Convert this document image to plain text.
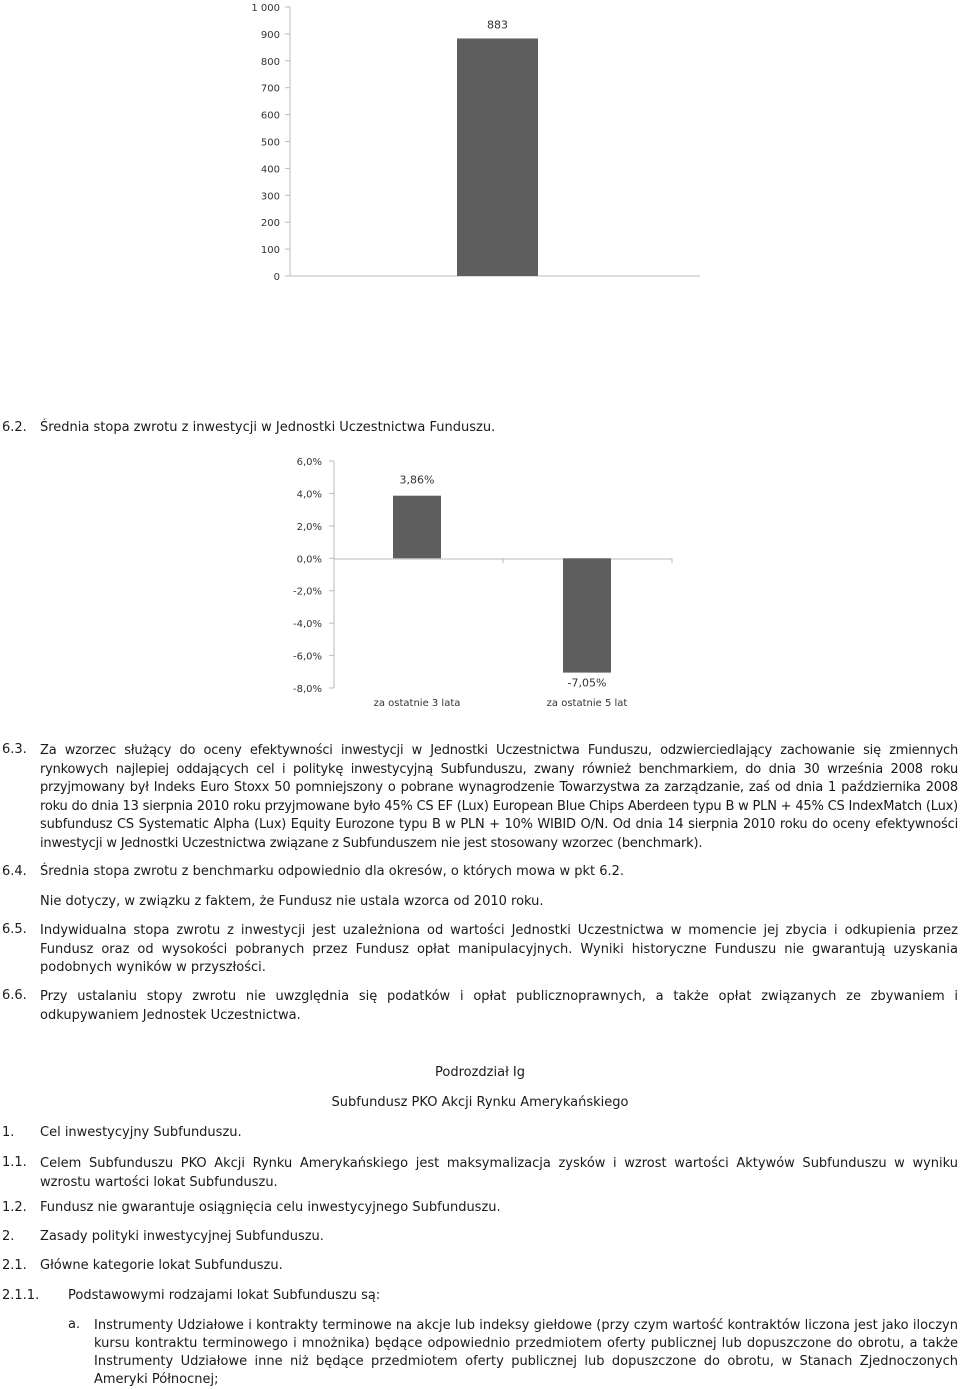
1 000
900
800
700
600
500
400
300
200
100
0
883
6.2. Średnia stopa zwrotu z inwestycji w Jednostki Uczestnictwa Funduszu.
6,0%
4,0%
2,0%
0,0%
-2,0%
-4,0%
-6,0%
-8,0%
3,86%
za ostatnie 3 lata
-7,05%
za ostatnie 5 lat
6.3. Za wzorzec służący do oceny efektywności inwestycji w Jednostki Uczestnictwa Funduszu, odzwierciedlający zachowanie się zmiennych rynkowych najlepiej oddających cel i politykę inwestycyjną Subfunduszu, zwany również benchmarkiem, do dnia 30 września 2008 roku przyjmowany był Indeks Euro Stoxx 50 pomniejszony o pobrane wynagrodzenie Towarzystwa za zarządzanie, zaś od dnia 1 października 2008 roku do dnia 13 sierpnia 2010 roku przyjmowane było 45% CS EF (Lux) European Blue Chips Aberdeen typu B w PLN + 45% CS IndexMatch (Lux) subfundusz CS Systematic Alpha (Lux) Equity Eurozone typu B w PLN + 10% WIBID O/N. Od dnia 14 sierpnia 2010 roku do oceny efektywności inwestycji w Jednostki Uczestnictwa związane z Subfunduszem nie jest stosowany wzorzec (benchmark).
6.4. Średnia stopa zwrotu z benchmarku odpowiednio dla okresów, o których mowa w pkt 6.2.
Nie dotyczy, w związku z faktem, że Fundusz nie ustala wzorca od 2010 roku.
6.5. Indywidualna stopa zwrotu z inwestycji jest uzależniona od wartości Jednostki Uczestnictwa w momencie jej zbycia i odkupienia przez Fundusz oraz od wysokości pobranych przez Fundusz opłat manipulacyjnych. Wyniki historyczne Funduszu nie gwarantują uzyskania podobnych wyników w przyszłości.
6.6. Przy ustalaniu stopy zwrotu nie uwzględnia się podatków i opłat publicznoprawnych, a także opłat związanych ze zbywaniem i odkupywaniem Jednostek Uczestnictwa.
Podrozdział Ig
Subfundusz PKO Akcji Rynku Amerykańskiego
1. Cel inwestycyjny Subfunduszu.
1.1. Celem Subfunduszu PKO Akcji Rynku Amerykańskiego jest maksymalizacja zysków i wzrost wartości Aktywów Subfunduszu w wyniku wzrostu wartości lokat Subfunduszu.
1.2. Fundusz nie gwarantuje osiągnięcia celu inwestycyjnego Subfunduszu.
2. Zasady polityki inwestycyjnej Subfunduszu.
2.1. Główne kategorie lokat Subfunduszu.
2.1.1. Podstawowymi rodzajami lokat Subfunduszu są:
a. Instrumenty Udziałowe i kontrakty terminowe na akcje lub indeksy giełdowe (przy czym wartość kontraktów liczona jest jako iloczyn kursu kontraktu terminowego i mnożnika) będące odpowiednio przedmiotem oferty publicznej lub dopuszczone do obrotu, a także Instrumenty Udziałowe inne niż będące przedmiotem oferty publicznej lub dopuszczone do obrotu, w Stanach Zjednoczonych Ameryki Północnej;
